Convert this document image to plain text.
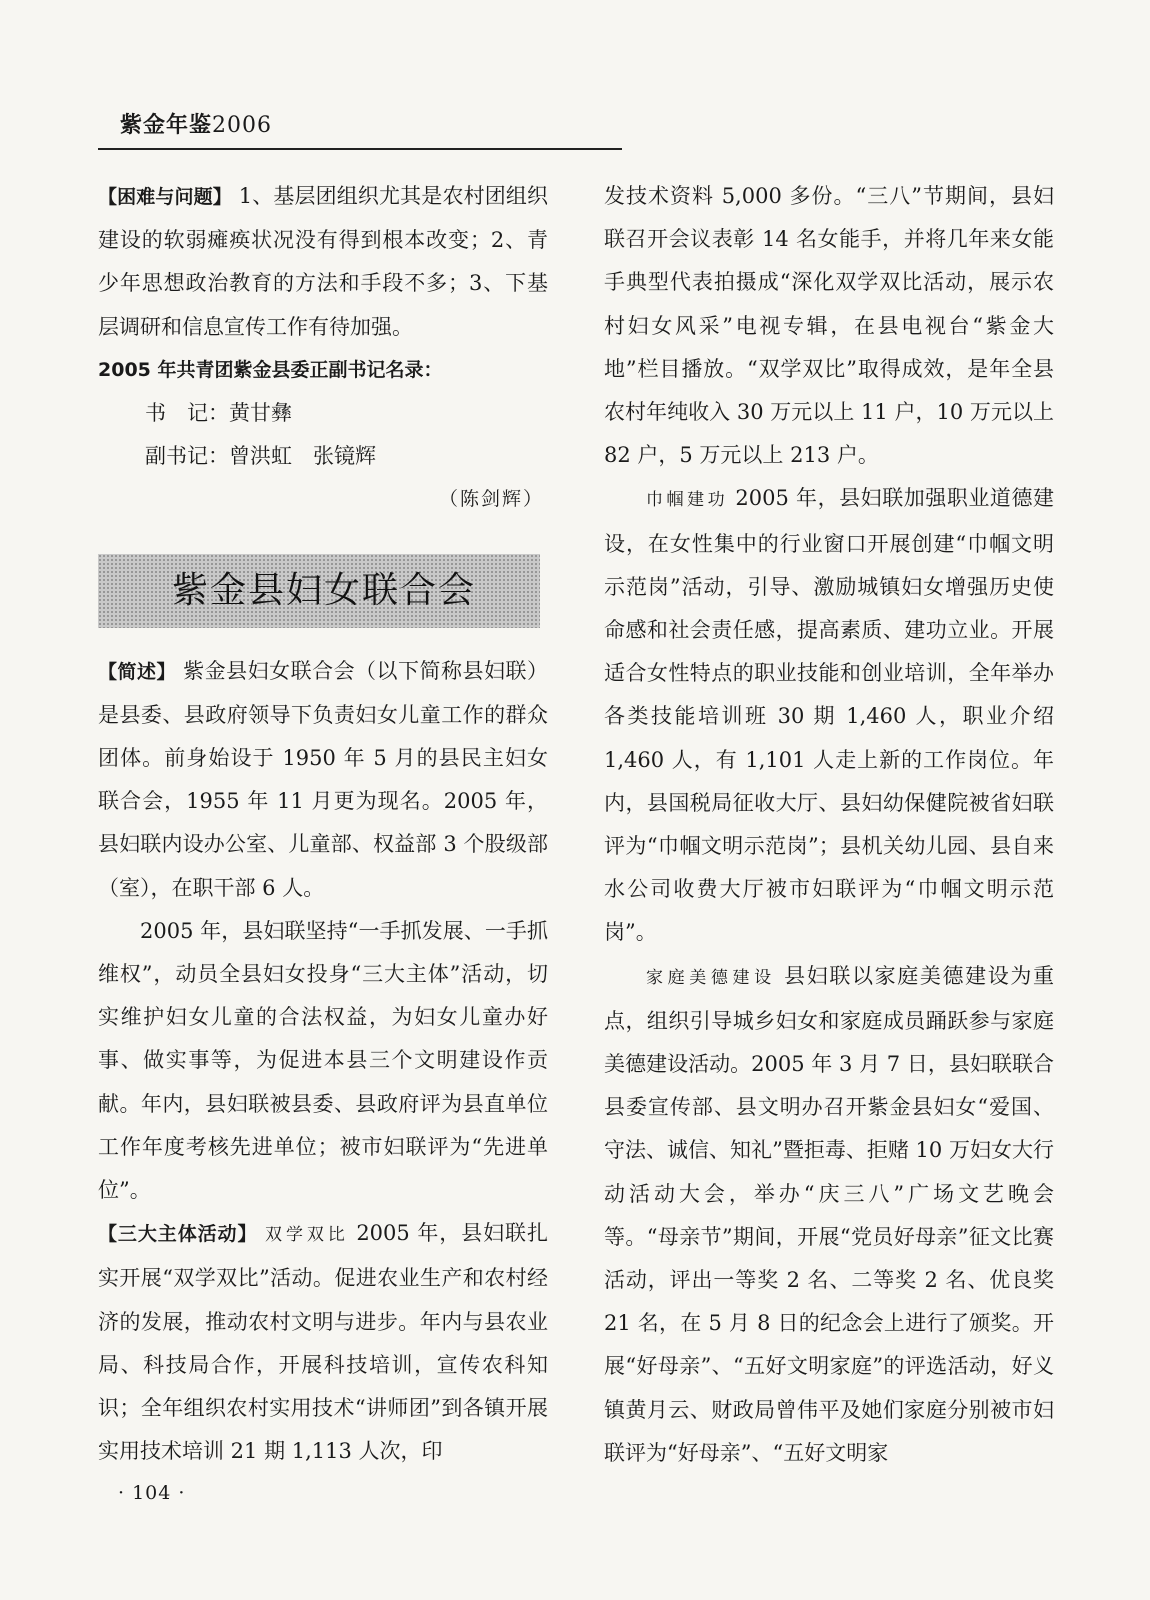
紫金年鉴2006

【困难与问题】 1、基层团组织尤其是农村团组织建设的软弱瘫痪状况没有得到根本改变；2、青少年思想政治教育的方法和手段不多；3、下基层调研和信息宣传工作有待加强。

2005 年共青团紫金县委正副书记名录：

书　记：黄甘彝

副书记：曾洪虹　张镜辉

（陈剑辉）

紫金县妇女联合会

【简述】 紫金县妇女联合会（以下简称县妇联）是县委、县政府领导下负责妇女儿童工作的群众团体。前身始设于 1950 年 5 月的县民主妇女联合会，1955 年 11 月更为现名。2005 年，县妇联内设办公室、儿童部、权益部 3 个股级部（室），在职干部 6 人。

2005 年，县妇联坚持“一手抓发展、一手抓维权”，动员全县妇女投身“三大主体”活动，切实维护妇女儿童的合法权益，为妇女儿童办好事、做实事等，为促进本县三个文明建设作贡献。年内，县妇联被县委、县政府评为县直单位工作年度考核先进单位；被市妇联评为“先进单位”。

【三大主体活动】 双学双比 2005 年，县妇联扎实开展“双学双比”活动。促进农业生产和农村经济的发展，推动农村文明与进步。年内与县农业局、科技局合作，开展科技培训，宣传农科知识；全年组织农村实用技术“讲师团”到各镇开展实用技术培训 21 期 1,113 人次，印

发技术资料 5,000 多份。“三八”节期间，县妇联召开会议表彰 14 名女能手，并将几年来女能手典型代表拍摄成“深化双学双比活动，展示农村妇女风采”电视专辑，在县电视台“紫金大地”栏目播放。“双学双比”取得成效，是年全县农村年纯收入 30 万元以上 11 户，10 万元以上 82 户，5 万元以上 213 户。

巾帼建功 2005 年，县妇联加强职业道德建设，在女性集中的行业窗口开展创建“巾帼文明示范岗”活动，引导、激励城镇妇女增强历史使命感和社会责任感，提高素质、建功立业。开展适合女性特点的职业技能和创业培训，全年举办各类技能培训班 30 期 1,460 人，职业介绍 1,460 人，有 1,101 人走上新的工作岗位。年内，县国税局征收大厅、县妇幼保健院被省妇联评为“巾帼文明示范岗”；县机关幼儿园、县自来水公司收费大厅被市妇联评为“巾帼文明示范岗”。

家庭美德建设 县妇联以家庭美德建设为重点，组织引导城乡妇女和家庭成员踊跃参与家庭美德建设活动。2005 年 3 月 7 日，县妇联联合县委宣传部、县文明办召开紫金县妇女“爱国、守法、诚信、知礼”暨拒毒、拒赌 10 万妇女大行动活动大会，举办“庆三八”广场文艺晚会等。“母亲节”期间，开展“党员好母亲”征文比赛活动，评出一等奖 2 名、二等奖 2 名、优良奖 21 名，在 5 月 8 日的纪念会上进行了颁奖。开展“好母亲”、“五好文明家庭”的评选活动，好义镇黄月云、财政局曾伟平及她们家庭分别被市妇联评为“好母亲”、“五好文明家

· 104 ·
